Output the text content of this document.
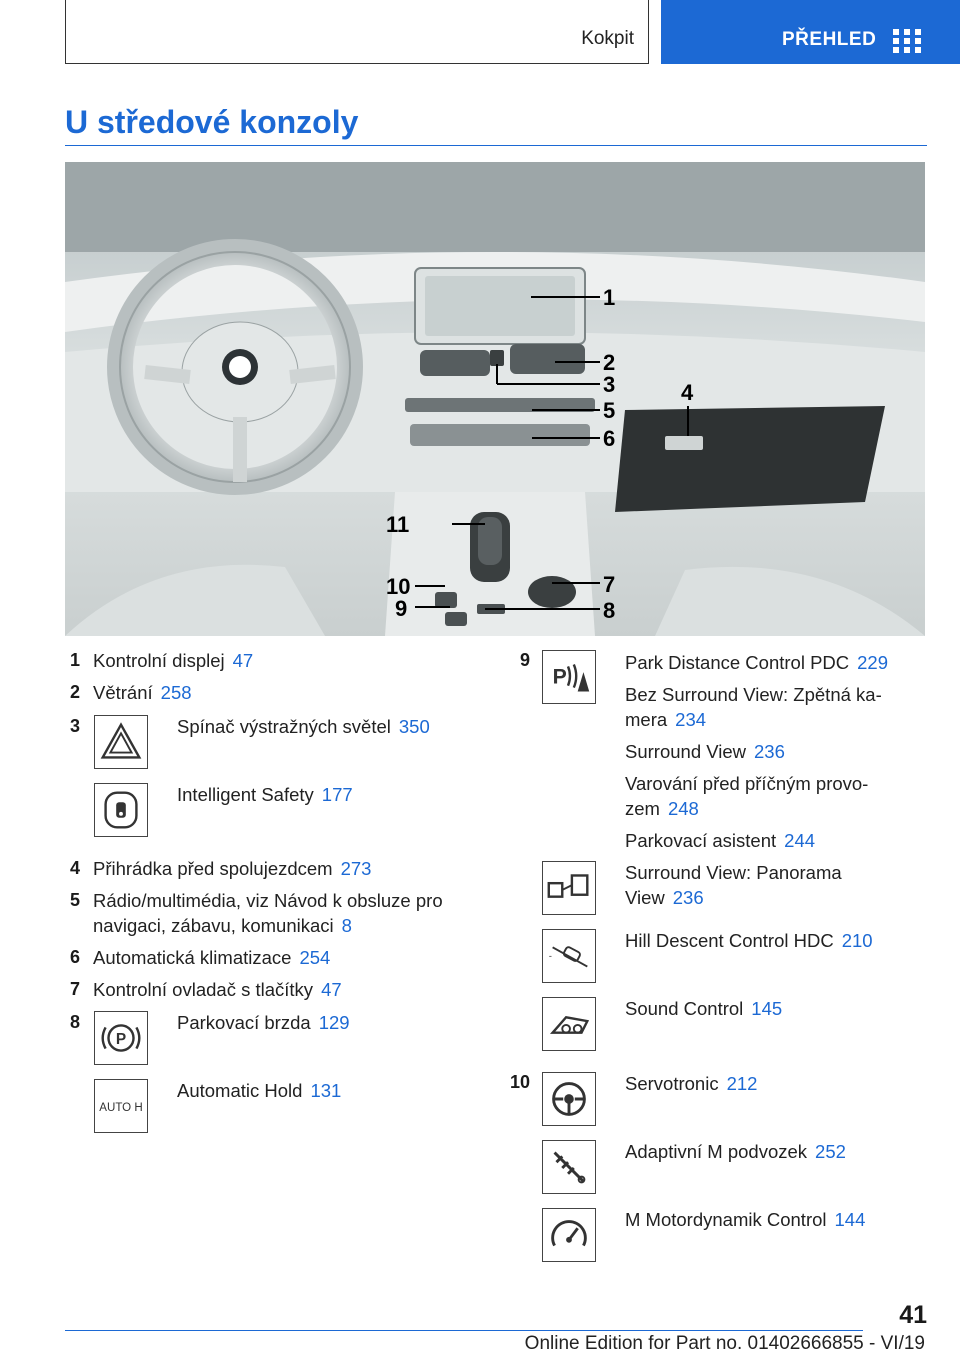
Kokpit	PŘEHLED
U středové konzoly
1
2
3	4
5
6
7
8
9
10
11
1 Kontrolní displej 47
2 Větrání 258
3	Spínač výstražných světel 350
Intelligent Safety 177
4 Přihrádka před spolujezdcem 273
5 Rádio/multimédia, viz Návod k obsluze pro
navigaci, zábavu, komunikaci 8
6 Automatická klimatizace 254
7 Kontrolní ovladač s tlačítky 47
8
P
Parkovací brzda 129
AUTO H
Automatic Hold 131
9
P
Park Distance Control PDC 229
Bez Surround View: Zpětná ka‐
mera 234
Surround View 236
Varování před příčným provo‐
zem 248
Parkovací asistent 244
Surround View: Panorama
View 236
-
Hill Descent Control HDC 210
Sound Control 145
10	Servotronic 212
Adaptivní M podvozek 252
M Motordynamik Control 144
41
Online Edition for Part no. 01402666855 - VI/19
